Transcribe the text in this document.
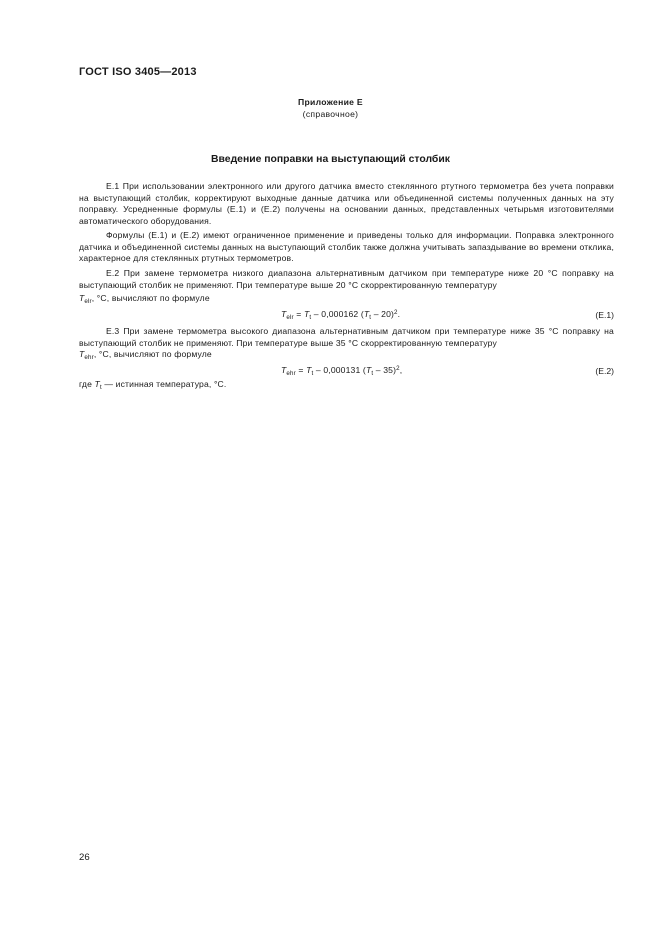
ГОСТ ISO 3405—2013
Приложение Е
(справочное)
Введение поправки на выступающий столбик

Е.1 При использовании электронного или другого датчика вместо стеклянного ртутного термометра без учета поправки на выступающий столбик, корректируют выходные данные датчика или объединенной системы полученных данных на эту поправку. Усредненные формулы (Е.1) и (Е.2) получены на основании данных, представленных четырьмя изготовителями автоматического оборудования.

Формулы (Е.1) и (Е.2) имеют ограниченное применение и приведены только для информации. Поправка электронного датчика и объединенной системы данных на выступающий столбик также должна учитывать запаздывание во времени отклика, характерное для стеклянных ртутных термометров.

Е.2 При замене термометра низкого диапазона альтернативным датчиком при температуре ниже 20 °С поправку на выступающий столбик не применяют. При температуре выше 20 °С скорректированную температуру

$T_{elr}$, °С, вычисляют по формуле
$T_{elr} = T_t - 0,000162$ $(T_t - 20)^2$.	(Е.1)

Е.3 При замене термометра высокого диапазона альтернативным датчиком при температуре ниже 35 °С поправку на выступающий столбик не применяют. При температуре выше 35 °С скорректированную температуру

$T_{ehr}$, °С, вычисляют по формуле
$T_{ehr} = T_t - 0,000131$ $(T_t - 35)^2$,	(Е.2)
где $T_t$ — истинная температура, °С.
26
